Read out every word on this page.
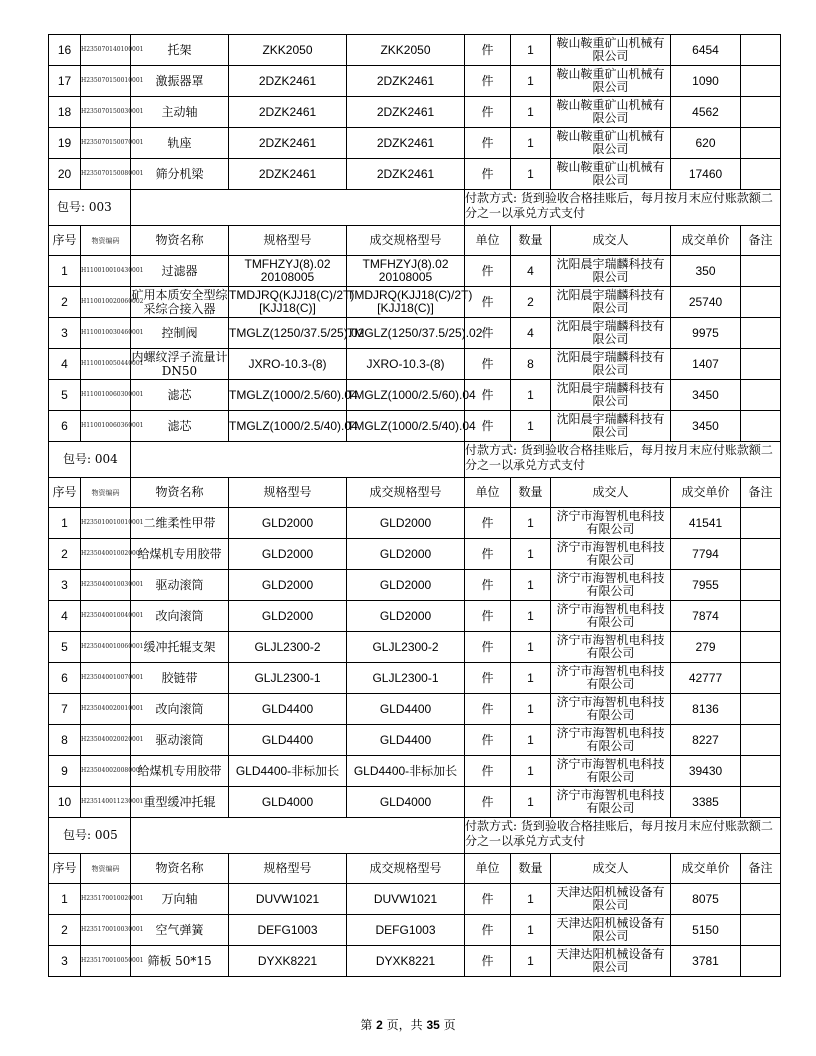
16	H235070140100001	托架	ZKK2050	ZKK2050	件	1	鞍山鞍重矿山机械有限公司	6454	
17	H235070150010001	激振器罩	2DZK2461	2DZK2461	件	1	鞍山鞍重矿山机械有限公司	1090	
18	H235070150030001	主动轴	2DZK2461	2DZK2461	件	1	鞍山鞍重矿山机械有限公司	4562	
19	H235070150070001	轨座	2DZK2461	2DZK2461	件	1	鞍山鞍重矿山机械有限公司	620	
20	H235070150080001	筛分机梁	2DZK2461	2DZK2461	件	1	鞍山鞍重矿山机械有限公司	17460	
包号: 003					付款方式: 货到验收合格挂账后，每月按月末应付账款额二分之一以承兑方式支付				
序号	物资编码	物资名称	规格型号	成交规格型号	单位	数量	成交人	成交单价	备注
1	H110010010430001	过滤器	TMFHZYJ(8).02 20108005	TMFHZYJ(8).02 20108005	件	4	沈阳晨宇瑞麟科技有限公司	350	
2	H110010020060002	矿用本质安全型综采综合接入器	TMDJRQ(KJJ18(C)/2T)[KJJ18(C)]	TMDJRQ(KJJ18(C)/2T)[KJJ18(C)]	件	2	沈阳晨宇瑞麟科技有限公司	25740	
3	H110010030460001	控制阀	TMGLZ(1250/37.5/25).02	TMGLZ(1250/37.5/25).02	件	4	沈阳晨宇瑞麟科技有限公司	9975	
4	H110010050440001	内螺纹浮子流量计DN50	JXRO-10.3-(8)	JXRO-10.3-(8)	件	8	沈阳晨宇瑞麟科技有限公司	1407	
5	H110010060300001	滤芯	TMGLZ(1000/2.5/60).04	TMGLZ(1000/2.5/60).04	件	1	沈阳晨宇瑞麟科技有限公司	3450	
6	H110010060360001	滤芯	TMGLZ(1000/2.5/40).04	TMGLZ(1000/2.5/40).04	件	1	沈阳晨宇瑞麟科技有限公司	3450	
包号: 004					付款方式: 货到验收合格挂账后，每月按月末应付账款额二分之一以承兑方式支付				
序号	物资编码	物资名称	规格型号	成交规格型号	单位	数量	成交人	成交单价	备注
1	H235010010010001	二维柔性甲带	GLD2000	GLD2000	件	1	济宁市海智机电科技有限公司	41541	
2	H235040010020001	给煤机专用胶带	GLD2000	GLD2000	件	1	济宁市海智机电科技有限公司	7794	
3	H235040010030001	驱动滚筒	GLD2000	GLD2000	件	1	济宁市海智机电科技有限公司	7955	
4	H235040010040001	改向滚筒	GLD2000	GLD2000	件	1	济宁市海智机电科技有限公司	7874	
5	H235040010060001	缓冲托辊支架	GLJL2300-2	GLJL2300-2	件	1	济宁市海智机电科技有限公司	279	
6	H235040010070001	胶链带	GLJL2300-1	GLJL2300-1	件	1	济宁市海智机电科技有限公司	42777	
7	H235040020010001	改向滚筒	GLD4400	GLD4400	件	1	济宁市海智机电科技有限公司	8136	
8	H235040020020001	驱动滚筒	GLD4400	GLD4400	件	1	济宁市海智机电科技有限公司	8227	
9	H235040020080001	给煤机专用胶带	GLD4400-非标加长	GLD4400-非标加长	件	1	济宁市海智机电科技有限公司	39430	
10	H235140011230001	重型缓冲托辊	GLD4000	GLD4000	件	1	济宁市海智机电科技有限公司	3385	
包号: 005					付款方式: 货到验收合格挂账后，每月按月末应付账款额二分之一以承兑方式支付				
序号	物资编码	物资名称	规格型号	成交规格型号	单位	数量	成交人	成交单价	备注
1	H235170010020001	万向轴	DUVW1021	DUVW1021	件	1	天津达阳机械设备有限公司	8075	
2	H235170010030001	空气弹簧	DEFG1003	DEFG1003	件	1	天津达阳机械设备有限公司	5150	
3	H235170010050001	筛板 50*15	DYXK8221	DYXK8221	件	1	天津达阳机械设备有限公司	3781	
第 2 页，共 35 页
